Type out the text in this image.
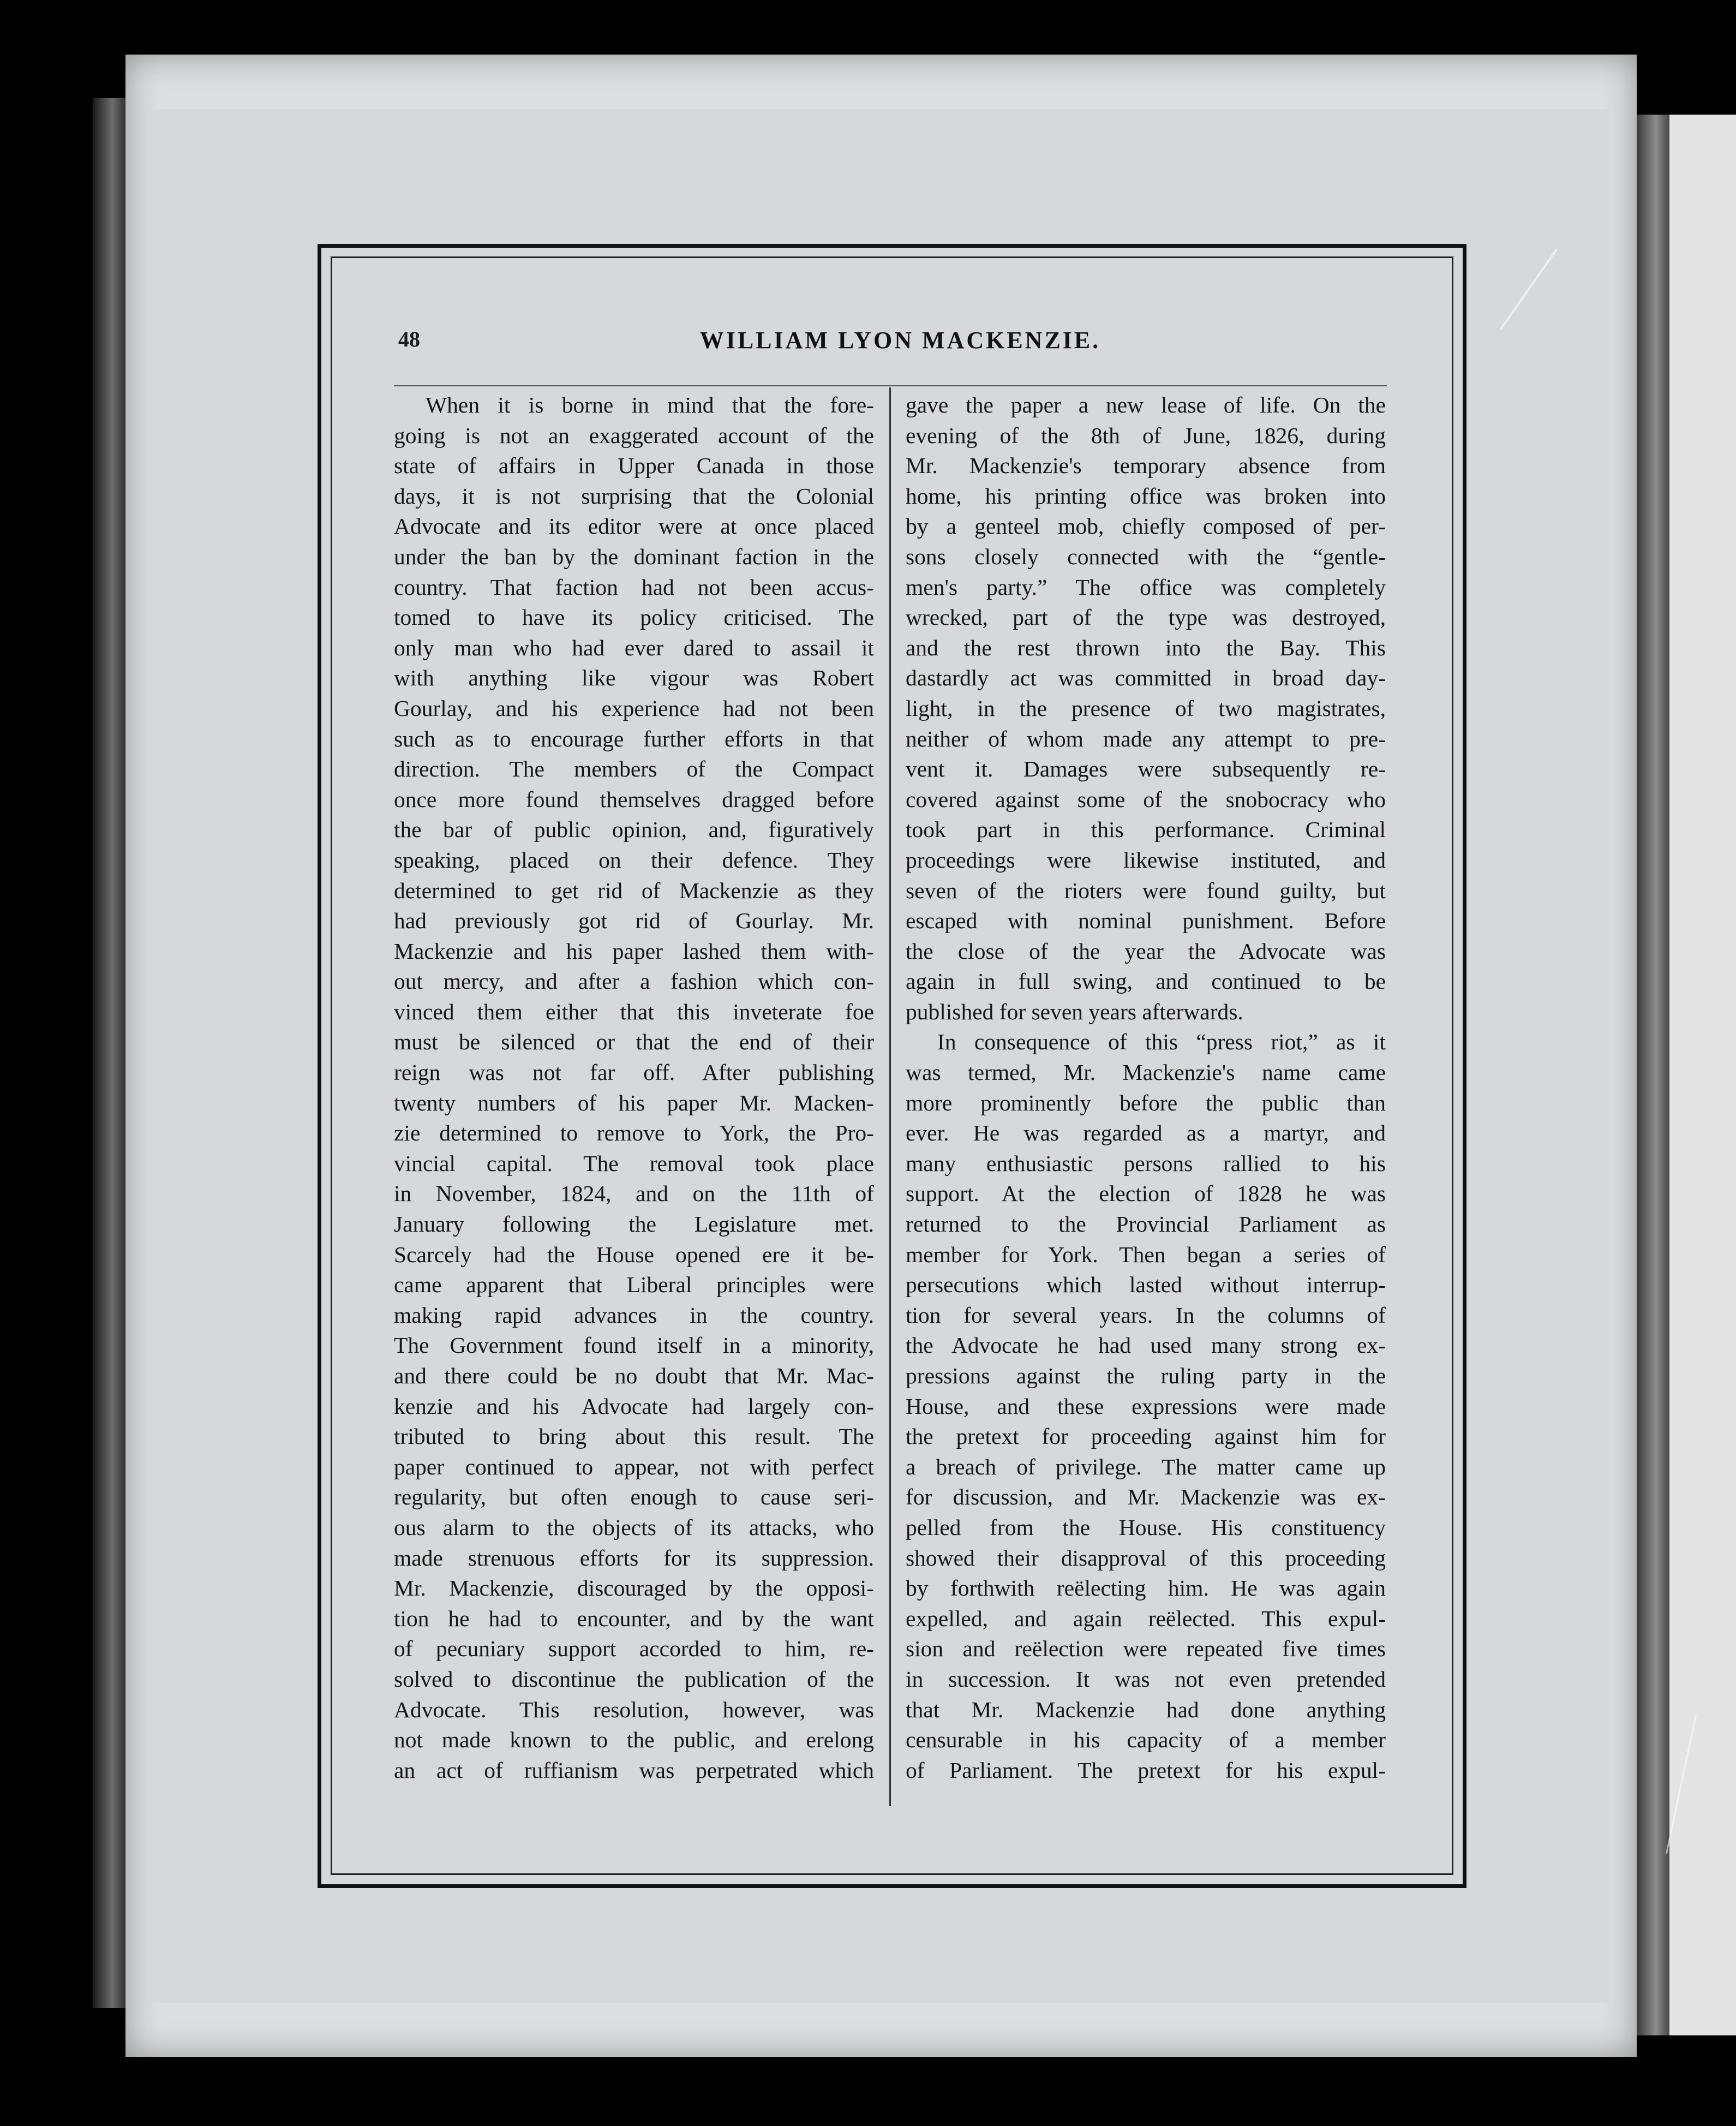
48	WILLIAM LYON MACKENZIE.
When it is borne in mind that the fore-
going is not an exaggerated account of the
state of affairs in Upper Canada in those
days, it is not surprising that the Colonial
Advocate and its editor were at once placed
under the ban by the dominant faction in the
country. That faction had not been accus-
tomed to have its policy criticised. The
only man who had ever dared to assail it
with anything like vigour was Robert
Gourlay, and his experience had not been
such as to encourage further efforts in that
direction. The members of the Compact
once more found themselves dragged before
the bar of public opinion, and, figuratively
speaking, placed on their defence. They
determined to get rid of Mackenzie as they
had previously got rid of Gourlay. Mr.
Mackenzie and his paper lashed them with-
out mercy, and after a fashion which con-
vinced them either that this inveterate foe
must be silenced or that the end of their
reign was not far off. After publishing
twenty numbers of his paper Mr. Macken-
zie determined to remove to York, the Pro-
vincial capital. The removal took place
in November, 1824, and on the 11th of
January following the Legislature met.
Scarcely had the House opened ere it be-
came apparent that Liberal principles were
making rapid advances in the country.
The Government found itself in a minority,
and there could be no doubt that Mr. Mac-
kenzie and his Advocate had largely con-
tributed to bring about this result. The
paper continued to appear, not with perfect
regularity, but often enough to cause seri-
ous alarm to the objects of its attacks, who
made strenuous efforts for its suppression.
Mr. Mackenzie, discouraged by the opposi-
tion he had to encounter, and by the want
of pecuniary support accorded to him, re-
solved to discontinue the publication of the
Advocate. This resolution, however, was
not made known to the public, and erelong
an act of ruffianism was perpetrated which
gave the paper a new lease of life. On the
evening of the 8th of June, 1826, during
Mr. Mackenzie's temporary absence from
home, his printing office was broken into
by a genteel mob, chiefly composed of per-
sons closely connected with the “gentle-
men's party.” The office was completely
wrecked, part of the type was destroyed,
and the rest thrown into the Bay. This
dastardly act was committed in broad day-
light, in the presence of two magistrates,
neither of whom made any attempt to pre-
vent it. Damages were subsequently re-
covered against some of the snobocracy who
took part in this performance. Criminal
proceedings were likewise instituted, and
seven of the rioters were found guilty, but
escaped with nominal punishment. Before
the close of the year the Advocate was
again in full swing, and continued to be
published for seven years afterwards.
In consequence of this “press riot,” as it
was termed, Mr. Mackenzie's name came
more prominently before the public than
ever. He was regarded as a martyr, and
many enthusiastic persons rallied to his
support. At the election of 1828 he was
returned to the Provincial Parliament as
member for York. Then began a series of
persecutions which lasted without interrup-
tion for several years. In the columns of
the Advocate he had used many strong ex-
pressions against the ruling party in the
House, and these expressions were made
the pretext for proceeding against him for
a breach of privilege. The matter came up
for discussion, and Mr. Mackenzie was ex-
pelled from the House. His constituency
showed their disapproval of this proceeding
by forthwith reëlecting him. He was again
expelled, and again reëlected. This expul-
sion and reëlection were repeated five times
in succession. It was not even pretended
that Mr. Mackenzie had done anything
censurable in his capacity of a member
of Parliament. The pretext for his expul-
